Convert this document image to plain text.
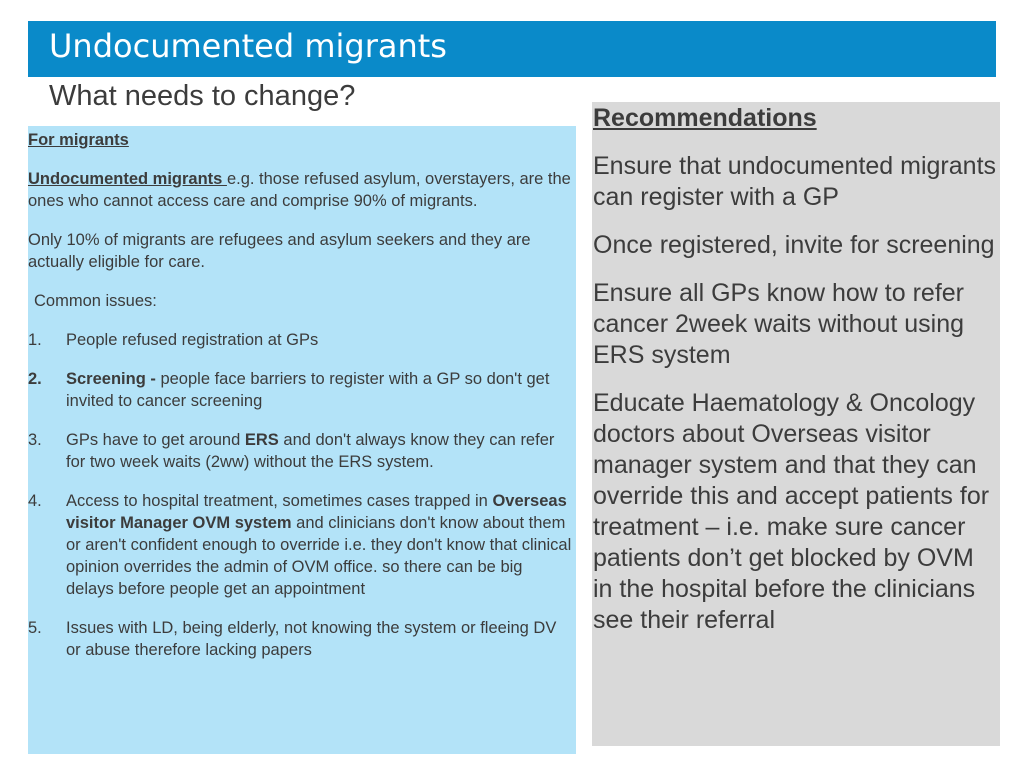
Undocumented migrants
What needs to change?

For migrants

Undocumented migrants e.g. those refused asylum, overstayers, are the ones who cannot access care and comprise 90% of migrants.

Only 10% of migrants are refugees and asylum seekers and they are actually eligible for care.

Common issues:

1.	People refused registration at GPs
2.	Screening - people face barriers to register with a GP so don't get invited to cancer screening
3.	GPs have to get around ERS and don't always know they can refer for two week waits (2ww) without the ERS system.
4.	Access to hospital treatment, sometimes cases trapped in Overseas visitor Manager OVM system and clinicians don't know about them or aren't confident enough to override i.e. they don't know that clinical opinion overrides the admin of OVM office. so there can be big delays before people get an appointment
5.	Issues with LD, being elderly, not knowing the system or fleeing DV or abuse therefore lacking papers

Recommendations

Ensure that undocumented migrants can register with a GP

Once registered, invite for screening

Ensure all GPs know how to refer cancer 2week waits without using ERS system

Educate Haematology & Oncology doctors about Overseas visitor manager system and that they can override this and accept patients for treatment – i.e. make sure cancer patients don’t get blocked by OVM in the hospital before the clinicians see their referral
